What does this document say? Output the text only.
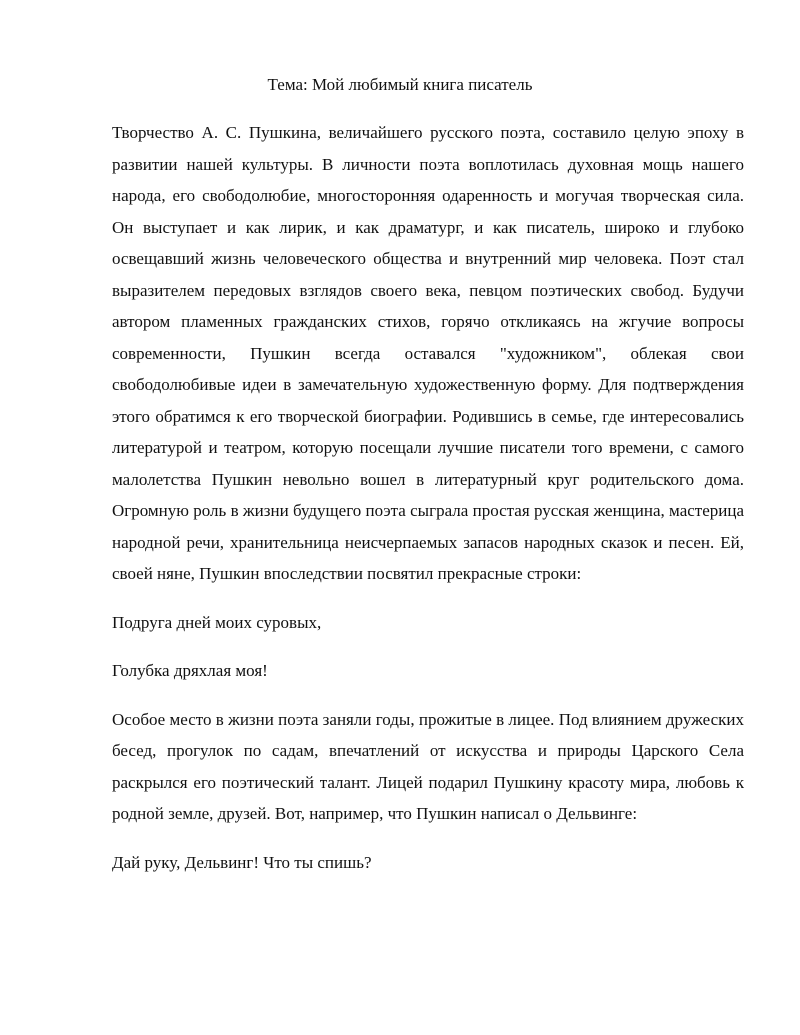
Тема: Мой любимый книга писатель

Творчество А. С. Пушкина, величайшего русского поэта, составило целую эпоху в развитии нашей культуры. В личности поэта воплотилась духовная мощь нашего народа, его свободолюбие, многосторонняя одаренность и могучая творческая сила. Он выступает и как лирик, и как драматург, и как писатель, широко и глубоко освещавший жизнь человеческого общества и внутренний мир человека. Поэт стал выразителем передовых взглядов своего века, певцом поэтических свобод. Будучи автором пламенных гражданских стихов, горячо откликаясь на жгучие вопросы современности, Пушкин всегда оставался "художником", облекая свои свободолюбивые идеи в замечательную художественную форму. Для подтверждения этого обратимся к его творческой биографии. Родившись в семье, где интересовались литературой и театром, которую посещали лучшие писатели того времени, с самого малолетства Пушкин невольно вошел в литературный круг родительского дома. Огромную роль в жизни будущего поэта сыграла простая русская женщина, мастерица народной речи, хранительница неисчерпаемых запасов народных сказок и песен. Ей, своей няне, Пушкин впоследствии посвятил прекрасные строки:

Подруга дней моих суровых,

Голубка дряхлая моя!

Особое место в жизни поэта заняли годы, прожитые в лицее. Под влиянием дружеских бесед, прогулок по садам, впечатлений от искусства и природы Царского Села раскрылся его поэтический талант. Лицей подарил Пушкину красоту мира, любовь к родной земле, друзей. Вот, например, что Пушкин написал о Дельвинге:

Дай руку, Дельвинг! Что ты спишь?
